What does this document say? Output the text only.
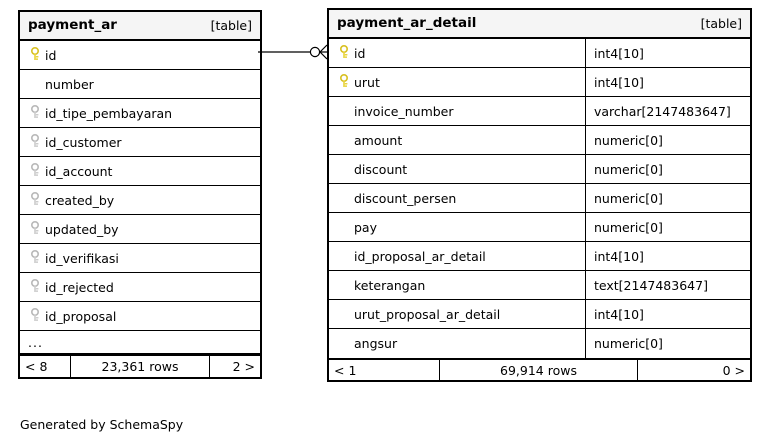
payment_ar	[table]
id
number
id_tipe_pembayaran
id_customer
id_account
created_by
updated_by
id_verifikasi
id_rejected
id_proposal
...
< 8	23,361 rows	2 >
payment_ar_detail	[table]
id	int4[10]
urut	int4[10]
invoice_number	varchar[2147483647]
amount	numeric[0]
discount	numeric[0]
discount_persen	numeric[0]
pay	numeric[0]
id_proposal_ar_detail	int4[10]
keterangan	text[2147483647]
urut_proposal_ar_detail	int4[10]
angsur	numeric[0]
< 1	69,914 rows	0 >
Generated by SchemaSpy
